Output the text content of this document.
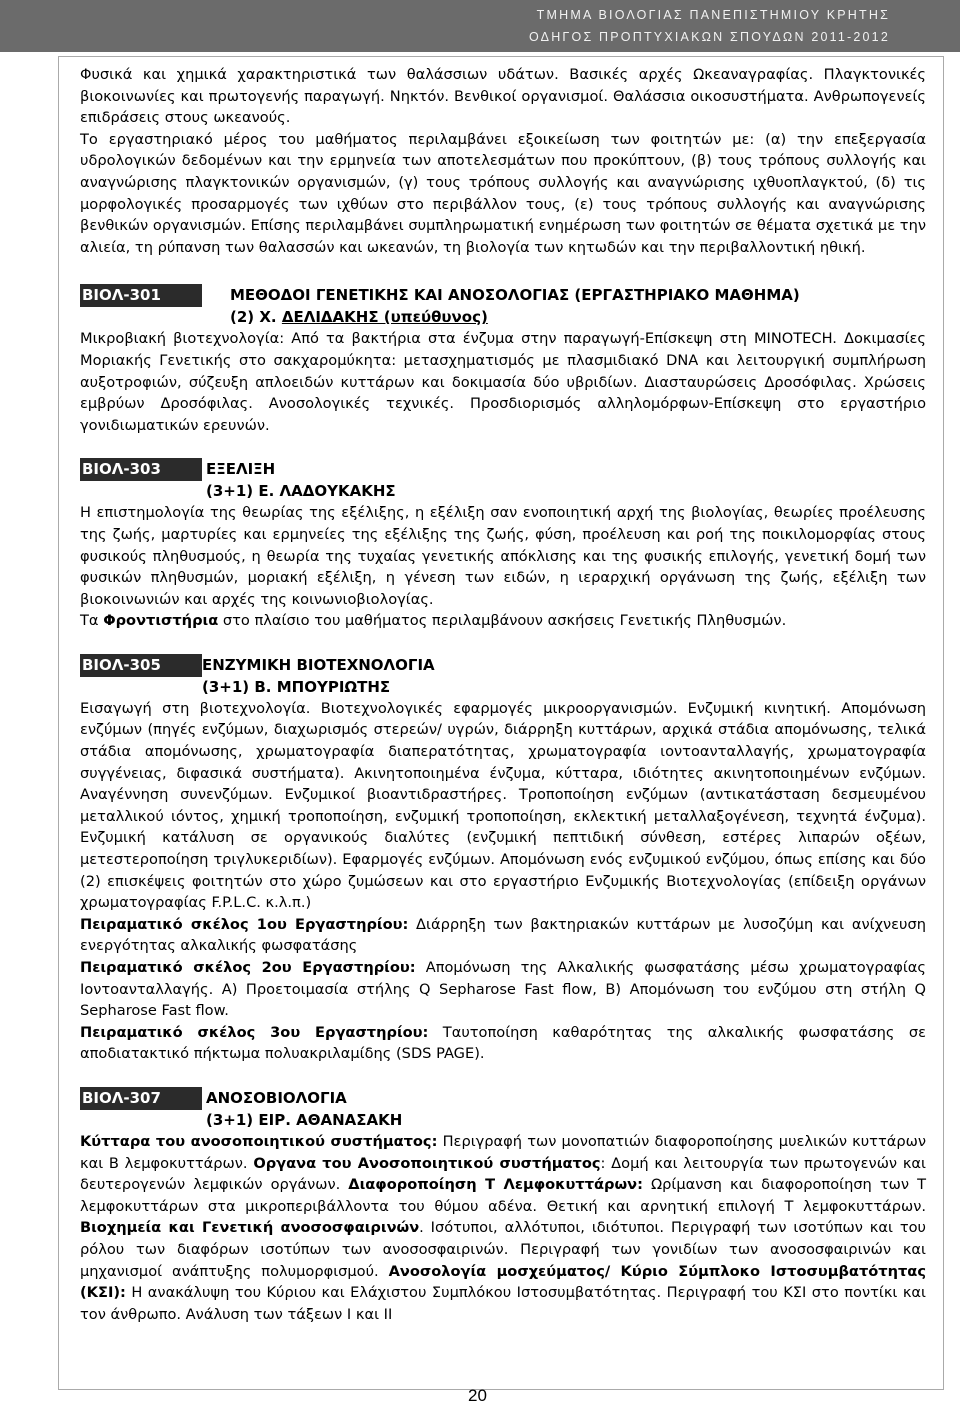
ΤΜΗΜΑ ΒΙΟΛΟΓΙΑΣ ΠΑΝΕΠΙΣΤΗΜΙΟΥ ΚΡΗΤΗΣ
ΟΔΗΓΟΣ ΠΡΟΠΤΥΧΙΑΚΩΝ ΣΠΟΥΔΩΝ 2011-2012

Φυσικά και χημικά χαρακτηριστικά των θαλάσσιων υδάτων. Βασικές αρχές Ωκεαναγραφίας. Πλαγκτονικές βιοκοινωνίες και πρωτογενής παραγωγή. Νηκτόν. Βενθικοί οργανισμοί. Θαλάσσια οικοσυστήματα. Ανθρωπογενείς επιδράσεις στους ωκεανούς.

Το εργαστηριακό μέρος του μαθήματος περιλαμβάνει εξοικείωση των φοιτητών με: (α) την επεξεργασία υδρολογικών δεδομένων και την ερμηνεία των αποτελεσμάτων που προκύπτουν, (β) τους τρόπους συλλογής και αναγνώρισης πλαγκτονικών οργανισμών, (γ) τους τρόπους συλλογής και αναγνώρισης ιχθυοπλαγκτού, (δ) τις μορφολογικές προσαρμογές των ιχθύων στο περιβάλλον τους, (ε) τους τρόπους συλλογής και αναγνώρισης βενθικών οργανισμών. Επίσης περιλαμβάνει συμπληρωματική ενημέρωση των φοιτητών σε θέματα σχετικά με την αλιεία, τη ρύπανση των θαλασσών και ωκεανών, τη βιολογία των κητωδών και την περιβαλλοντική ηθική.

ΒΙΟΛ-301	ΜΕΘΟΔΟΙ ΓΕΝΕΤΙΚΗΣ ΚΑΙ ΑΝΟΣΟΛΟΓΙΑΣ (ΕΡΓΑΣΤΗΡΙΑΚΟ ΜΑΘΗΜΑ)
(2) Χ. ΔΕΛΙΔΑΚΗΣ (υπεύθυνος)

Μικροβιακή βιοτεχνολογία: Από τα βακτήρια στα ένζυμα στην παραγωγή-Επίσκεψη στη ΜΙΝΟΤΕCH. Δοκιμασίες Μοριακής Γενετικής στο σακχαρομύκητα: μετασχηματισμός με πλασμιδιακό DNA και λειτουργική συμπλήρωση αυξοτροφιών, σύζευξη απλοειδών κυττάρων και δοκιμασία δύο υβριδίων. Διασταυρώσεις Δροσόφιλας. Χρώσεις εμβρύων Δροσόφιλας. Ανοσολογικές τεχνικές. Προσδιορισμός αλληλομόρφων-Επίσκεψη στο εργαστήριο γονιδιωματικών ερευνών.

ΒΙΟΛ-303	ΕΞΕΛΙΞΗ
(3+1) Ε. ΛΑΔΟΥΚΑΚΗΣ

Η επιστημολογία της θεωρίας της εξέλιξης, η εξέλιξη σαν ενοποιητική αρχή της βιολογίας, θεωρίες προέλευσης της ζωής, μαρτυρίες και ερμηνείες της εξέλιξης της ζωής, φύση, προέλευση και ροή της ποικιλομορφίας στους φυσικούς πληθυσμούς, η θεωρία της τυχαίας γενετικής απόκλισης και της φυσικής επιλογής, γενετική δομή των φυσικών πληθυσμών, μοριακή εξέλιξη, η γένεση των ειδών, η ιεραρχική οργάνωση της ζωής, εξέλιξη των βιοκοινωνιών και αρχές της κοινωνιοβιολογίας.

Τα Φροντιστήρια στο πλαίσιο του μαθήματος περιλαμβάνουν ασκήσεις Γενετικής Πληθυσμών.

ΒΙΟΛ-305	ΕΝΖΥΜΙΚΗ ΒΙΟΤΕΧΝΟΛΟΓΙΑ
(3+1) Β. ΜΠΟΥΡΙΩΤΗΣ

Εισαγωγή στη βιοτεχνολογία. Βιοτεχνολογικές εφαρμογές μικροοργανισμών. Ενζυμική κινητική. Απομόνωση ενζύμων (πηγές ενζύμων, διαχωρισμός στερεών/ υγρών, διάρρηξη κυττάρων, αρχικά στάδια απομόνωσης, τελικά στάδια απομόνωσης, χρωματογραφία διαπερατότητας, χρωματογραφία ιοντοανταλλαγής, χρωματογραφία συγγένειας, διφασικά συστήματα). Ακινητοποιημένα ένζυμα, κύτταρα, ιδιότητες ακινητοποιημένων ενζύμων. Αναγέννηση συνενζύμων. Ενζυμικοί βιοαντιδραστήρες. Τροποποίηση ενζύμων (αντικατάσταση δεσμευμένου μεταλλικού ιόντος, χημική τροποποίηση, ενζυμική τροποποίηση, εκλεκτική μεταλλαξογένεση, τεχνητά ένζυμα). Ενζυμική κατάλυση σε οργανικούς διαλύτες (ενζυμική πεπτιδική σύνθεση, εστέρες λιπαρών οξέων, μετεστεροποίηση τριγλυκεριδίων). Εφαρμογές ενζύμων. Απομόνωση ενός ενζυμικού ενζύμου, όπως επίσης και δύο (2) επισκέψεις φοιτητών στο χώρο ζυμώσεων και στο εργαστήριο Ενζυμικής Βιοτεχνολογίας (επίδειξη οργάνων χρωματογραφίας F.P.L.C. κ.λ.π.)

Πειραματικό σκέλος 1ου Εργαστηρίου: Διάρρηξη των βακτηριακών κυττάρων με λυσοζύμη και ανίχνευση ενεργότητας αλκαλικής φωσφατάσης

Πειραματικό σκέλος 2ου Εργαστηρίου: Απομόνωση της Αλκαλικής φωσφατάσης μέσω χρωματογραφίας Ιοντοανταλλαγής. Α) Προετοιμασία στήλης Q Sepharose Fast flow, Β) Απομόνωση του ενζύμου στη στήλη Q Sepharose Fast flow.

Πειραματικό σκέλος 3ου Εργαστηρίου: Ταυτοποίηση καθαρότητας της αλκαλικής φωσφατάσης σε αποδιατακτικό πήκτωμα πολυακριλαμίδης (SDS PAGE).

ΒΙΟΛ-307	ΑΝΟΣΟΒΙΟΛΟΓΙΑ
(3+1) ΕΙΡ. ΑΘΑΝΑΣΑΚΗ

Κύτταρα του ανοσοποιητικού συστήματος: Περιγραφή των μονοπατιών διαφοροποίησης μυελικών κυττάρων και Β λεμφοκυττάρων. Οργανα του Ανοσοποιητικού συστήματος: Δομή και λειτουργία των πρωτογενών και δευτερογενών λεμφικών οργάνων. Διαφοροποίηση Τ Λεμφοκυττάρων: Ωρίμανση και διαφοροποίηση των Τ λεμφοκυττάρων στα μικροπεριβάλλοντα του θύμου αδένα. Θετική και αρνητική επιλογή Τ λεμφοκυττάρων. Βιοχημεία και Γενετική ανοσοσφαιρινών. Ισότυποι, αλλότυποι, ιδιότυποι. Περιγραφή των ισοτύπων και του ρόλου των διαφόρων ισοτύπων των ανοσοσφαιρινών. Περιγραφή των γονιδίων των ανοσοσφαιρινών και μηχανισμοί ανάπτυξης πολυμορφισμού. Ανοσολογία μοσχεύματος/ Κύριο Σύμπλοκο Ιστοσυμβατότητας (ΚΣΙ): Η ανακάλυψη του Κύριου και Ελάχιστου Συμπλόκου Ιστοσυμβατότητας. Περιγραφή του ΚΣΙ στο ποντίκι και τον άνθρωπο. Ανάλυση των τάξεων Ι και ΙΙ

20
